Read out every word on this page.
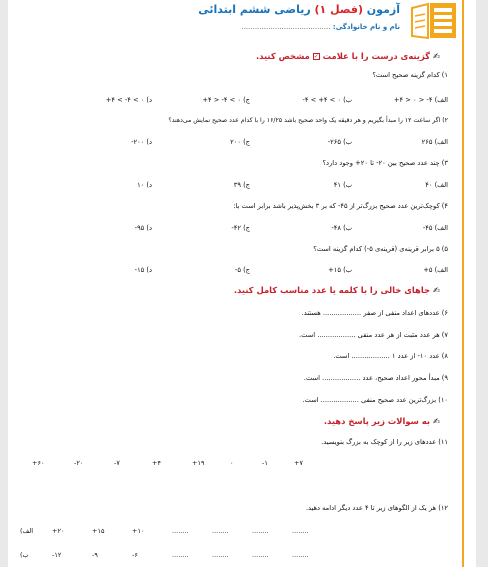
آزمون (فصل ۱) ریاضی ششم ابتدائی
نام و نام خانوادگی: ........................................
✍ گزینه‌ی درست را با علامت ✓ مشخص کنید.
۱) کدام گزینه صحیح است؟
الف) ‎+۴ > ۰ > -۴
ب) ‎-۴ < +۴ < ۰
ج) ‎+۴ > -۴ < ۰
د) ‎+۴ < -۴ < ۰
۲) اگر ساعت ۱۲ را مبدأ بگیریم و هر دقیقه یک واحد صحیح باشد ۱۶/۲۵ را با کدام عدد صحیح نمایش می‌دهند؟
الف) ۲۶۵
ب) ‎-۲۶۵
ج) ۲۰۰
د) ‎-۲۰۰
۳) چند عدد صحیح بین ‎-۲۰ تا ‎+۲۰ وجود دارد؟
الف) ۴۰
ب) ۴۱
ج) ۳۹
د) ۱۰
۴) کوچک‌ترین عدد صحیح بزرگ‌تر از ‎-۴۵ که بر ۳ بخش‌پذیر باشد برابر است با:
الف) ‎-۴۵
ب) ‎-۴۸
ج) ‎-۴۲
د) ‎-۹۵
۵) ۵ برابر قرینه‌ی (قرینه‌ی ‎-۵) کدام گزینه است؟
الف) ‎+۵
ب) ‎+۱۵
ج) ‎-۵
د) ‎-۱۵
✍ جاهای خالی را با کلمه یا عدد مناسب کامل کنید.
۶) عددهای اعداد منفی از صفر .................. هستند.
۷) هر عدد مثبت از هر عدد منفی .................. است.
۸) عدد ‎-۱۰ از عدد ۱ .................. است.
۹) مبدأ محور اعداد صحیح، عدد .................. است.
۱۰) بزرگ‌ترین عدد صحیح منفی .................. است.
✍ به سوالات زیر پاسخ دهید.
۱۱) عددهای زیر را از کوچک به بزرگ بنویسید.
+۶۰	-۲۰	-۷	+۴	+۱۹	۰	-۱	+۷
۱۲) هر یک از الگوهای زیر تا ۴ عدد دیگر ادامه دهید.
(الف	+۲۰	+۱۵	+۱۰	........	........	........	........
(ب	-۱۲	-۹	-۶	........	........	........	........
